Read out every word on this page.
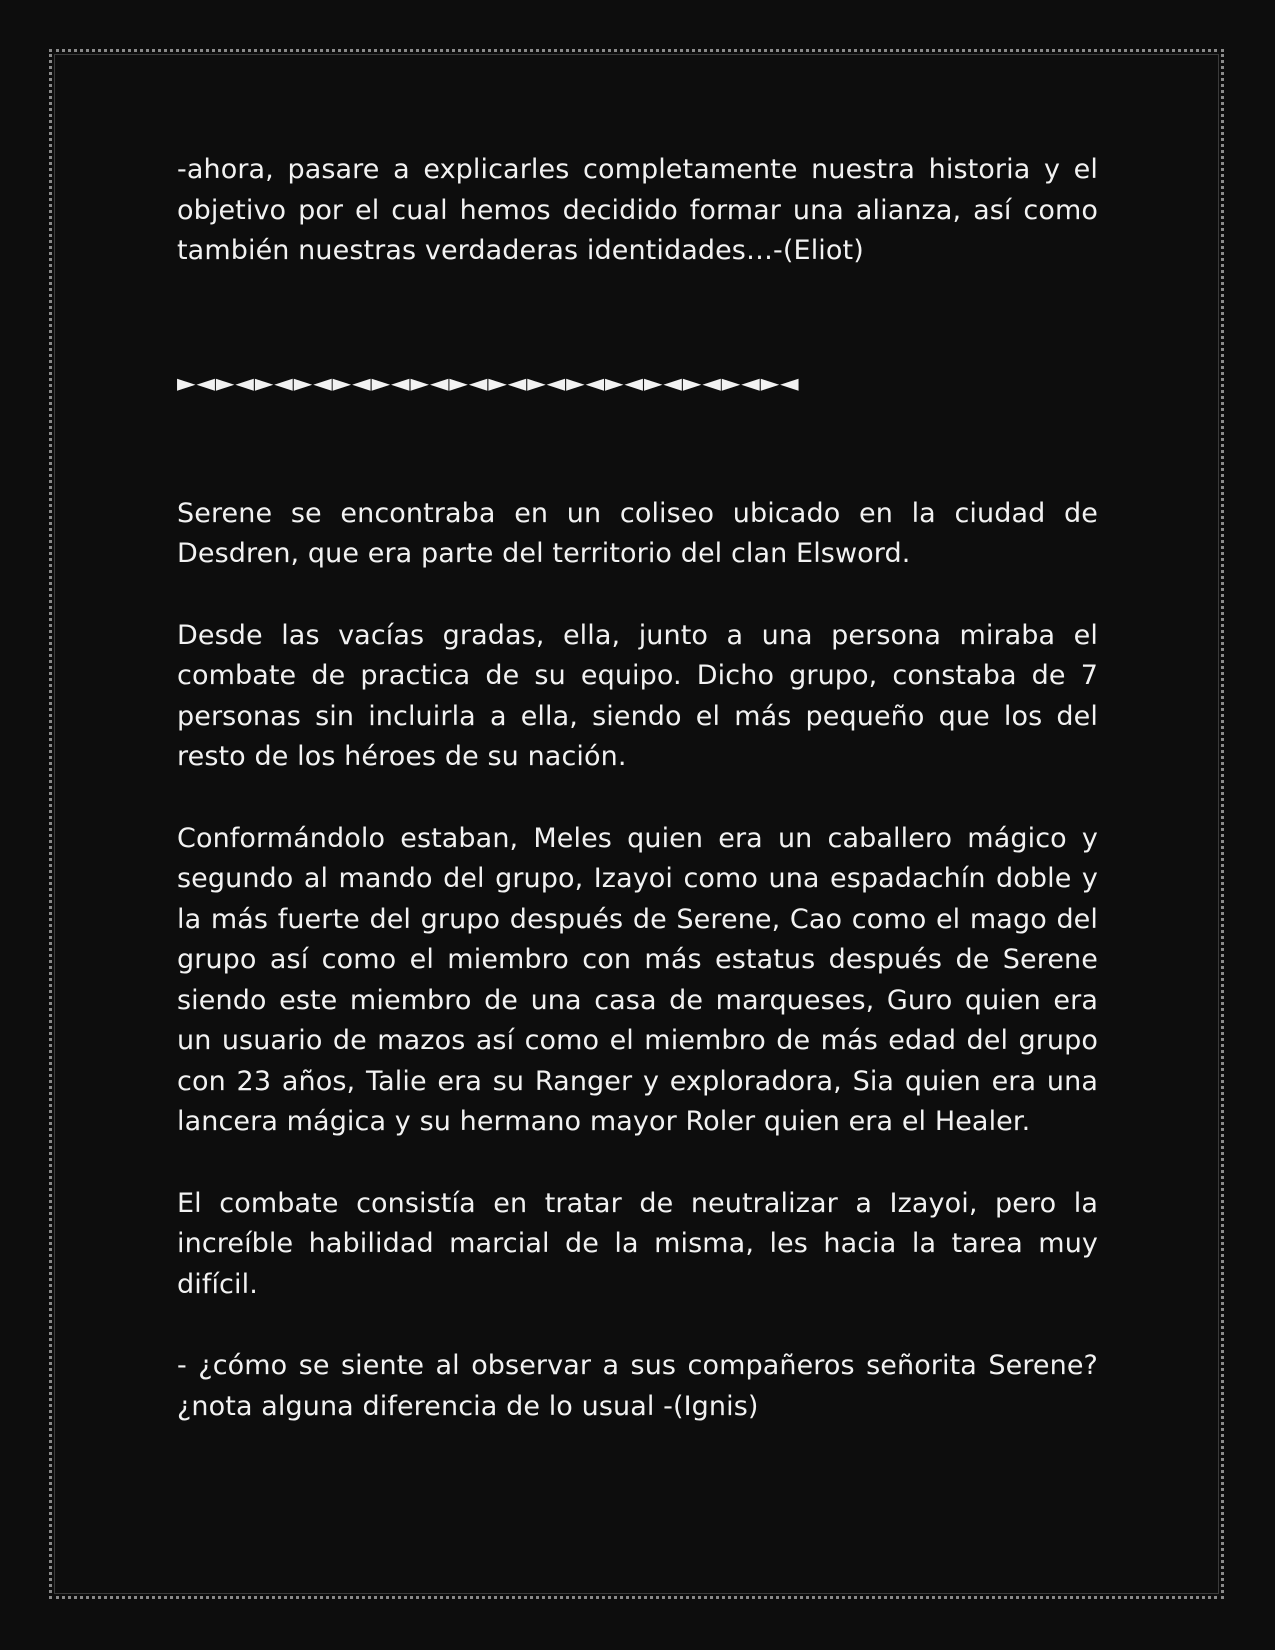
-ahora, pasare a explicarles completamente nuestra historia y el objetivo por el cual hemos decidido formar una alianza, así como también nuestras verdaderas identidades…-(Eliot)

►◄►◄►◄►◄►◄►◄►◄►◄►◄►◄►◄►◄►◄►◄►◄►◄

Serene se encontraba en un coliseo ubicado en la ciudad de Desdren, que era parte del territorio del clan Elsword.

Desde las vacías gradas, ella, junto a una persona miraba el combate de practica de su equipo. Dicho grupo, constaba de 7 personas sin incluirla a ella, siendo el más pequeño que los del resto de los héroes de su nación.

Conformándolo estaban, Meles quien era un caballero mágico y segundo al mando del grupo, Izayoi como una espadachín doble y la más fuerte del grupo después de Serene, Cao como el mago del grupo así como el miembro con más estatus después de Serene siendo este miembro de una casa de marqueses, Guro quien era un usuario de mazos así como el miembro de más edad del grupo con 23 años, Talie era su Ranger y exploradora, Sia quien era una lancera mágica y su hermano mayor Roler quien era el Healer.

El combate consistía en tratar de neutralizar a Izayoi, pero la increíble habilidad marcial de la misma, les hacia la tarea muy difícil.

- ¿cómo se siente al observar a sus compañeros señorita Serene? ¿nota alguna diferencia de lo usual -(Ignis)
